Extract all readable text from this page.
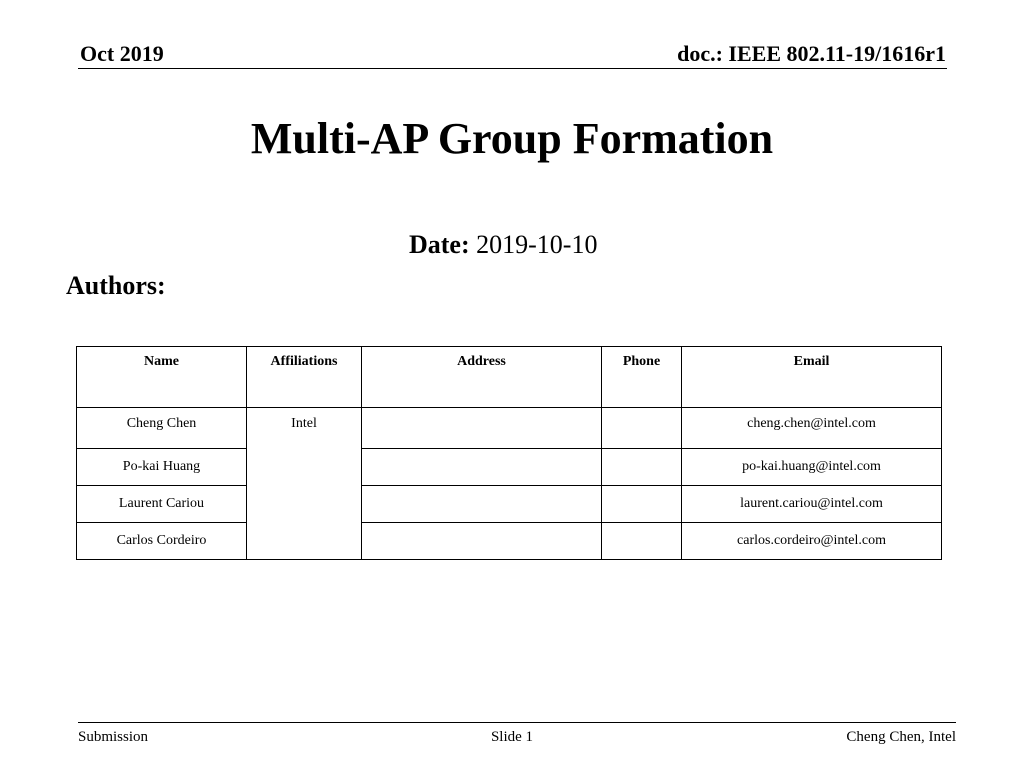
Oct 2019	doc.: IEEE 802.11-19/1616r1
Multi-AP Group Formation
Date: 2019-10-10
Authors:
Name	Affiliations	Address	Phone	Email
Cheng Chen	Intel			cheng.chen@intel.com
Po-kai Huang				po-kai.huang@intel.com
Laurent Cariou				laurent.cariou@intel.com
Carlos Cordeiro				carlos.cordeiro@intel.com
Submission	Slide 1	Cheng Chen, Intel
